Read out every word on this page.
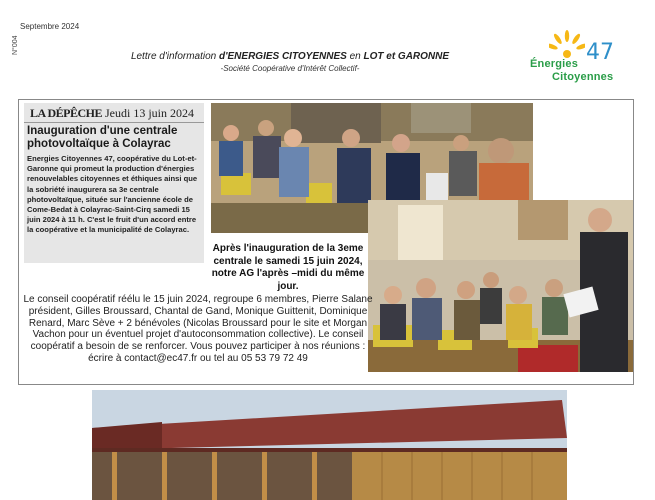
Septembre 2024
N°004
Lettre d'information d'ENERGIES CITOYENNES en LOT et GARONNE
-Société Coopérative d'Intérêt Collectif-
47
Énergies
Citoyennes
LA DÉPÊCHE Jeudi 13 juin 2024
Inauguration d'une centrale photovoltaïque à Colayrac
Energies Citoyennes 47, coopérative du Lot-et-Garonne qui promeut la production d'énergies renouvelables citoyennes et éthiques ainsi que la sobriété inaugurera sa 3e centrale photovoltaïque, située sur l'ancienne école de Come-Bedat à Colayrac-Saint-Cirq samedi 15 juin 2024 à 11 h. C'est le fruit d'un accord entre la coopérative et la municipalité de Colayrac.
Après l'inauguration de la 3eme centrale le samedi 15 juin 2024, notre AG l'après –midi du même jour.
Le conseil coopératif réélu le 15 juin 2024, regroupe 6 membres, Pierre Salane président, Gilles Broussard, Chantal de Gand, Monique Guittenit, Dominique Renard, Marc Sève + 2 bénévoles (Nicolas Broussard pour le site et Morgan Vachon pour un éventuel projet d'autoconsommation collective). Le conseil coopératif a besoin de se renforcer. Vous pouvez participer à nos réunions : écrire à contact@ec47.fr ou tel au 05 53 79 72 49
